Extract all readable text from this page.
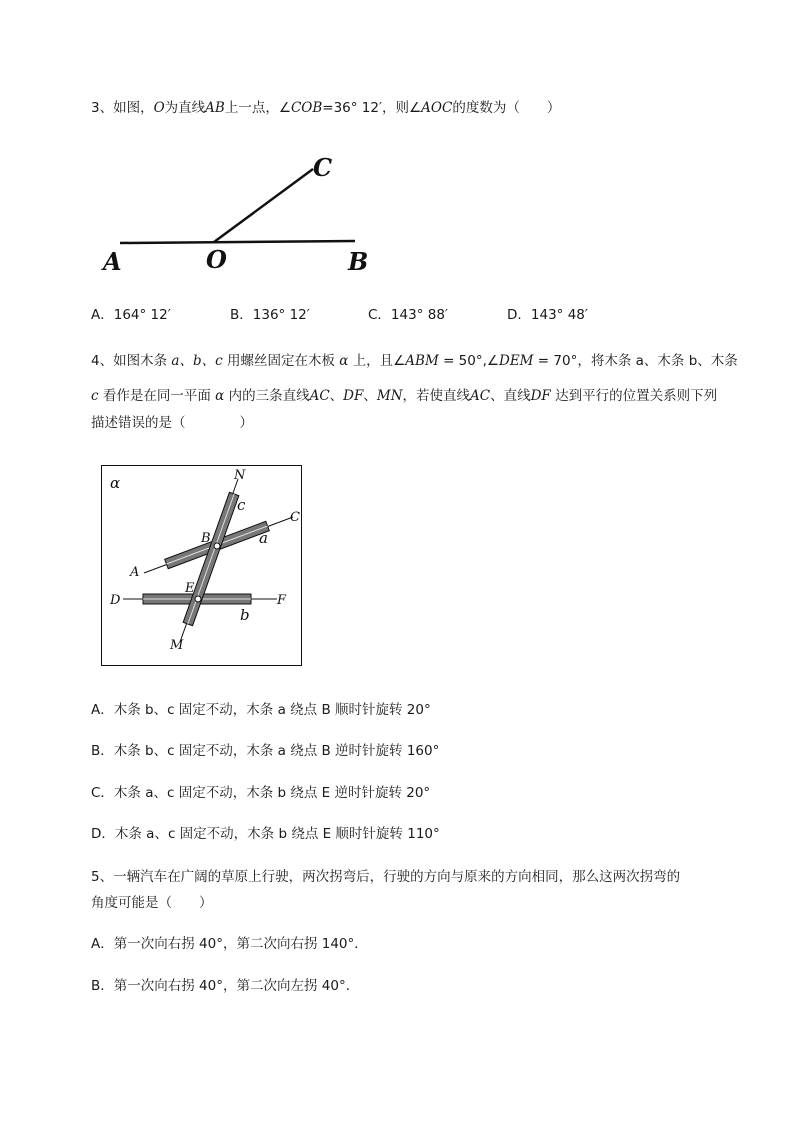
3、如图，O为直线AB上一点，∠COB=36° 12′，则∠AOC的度数为（　　）
A	O	B
C
A．164° 12′	B．136° 12′	C．143° 88′	D．143° 48′
4、如图木条 a、b、c 用螺丝固定在木板 α 上，且∠ABM = 50°,∠DEM = 70°，将木条 a、木条 b、木条
c 看作是在同一平面 α 内的三条直线AC、DF、MN，若使直线AC、直线DF 达到平行的位置关系则下列
描述错误的是（　　　　）
α	N
c
C
B	a
A
E
D	F
b
M
A．木条 b、c 固定不动，木条 a 绕点 B 顺时针旋转 20°
B．木条 b、c 固定不动，木条 a 绕点 B 逆时针旋转 160°
C．木条 a、c 固定不动，木条 b 绕点 E 逆时针旋转 20°
D．木条 a、c 固定不动，木条 b 绕点 E 顺时针旋转 110°
5、一辆汽车在广阔的草原上行驶，两次拐弯后，行驶的方向与原来的方向相同，那么这两次拐弯的
角度可能是（　　）
A．第一次向右拐 40°，第二次向右拐 140°．
B．第一次向右拐 40°，第二次向左拐 40°．
